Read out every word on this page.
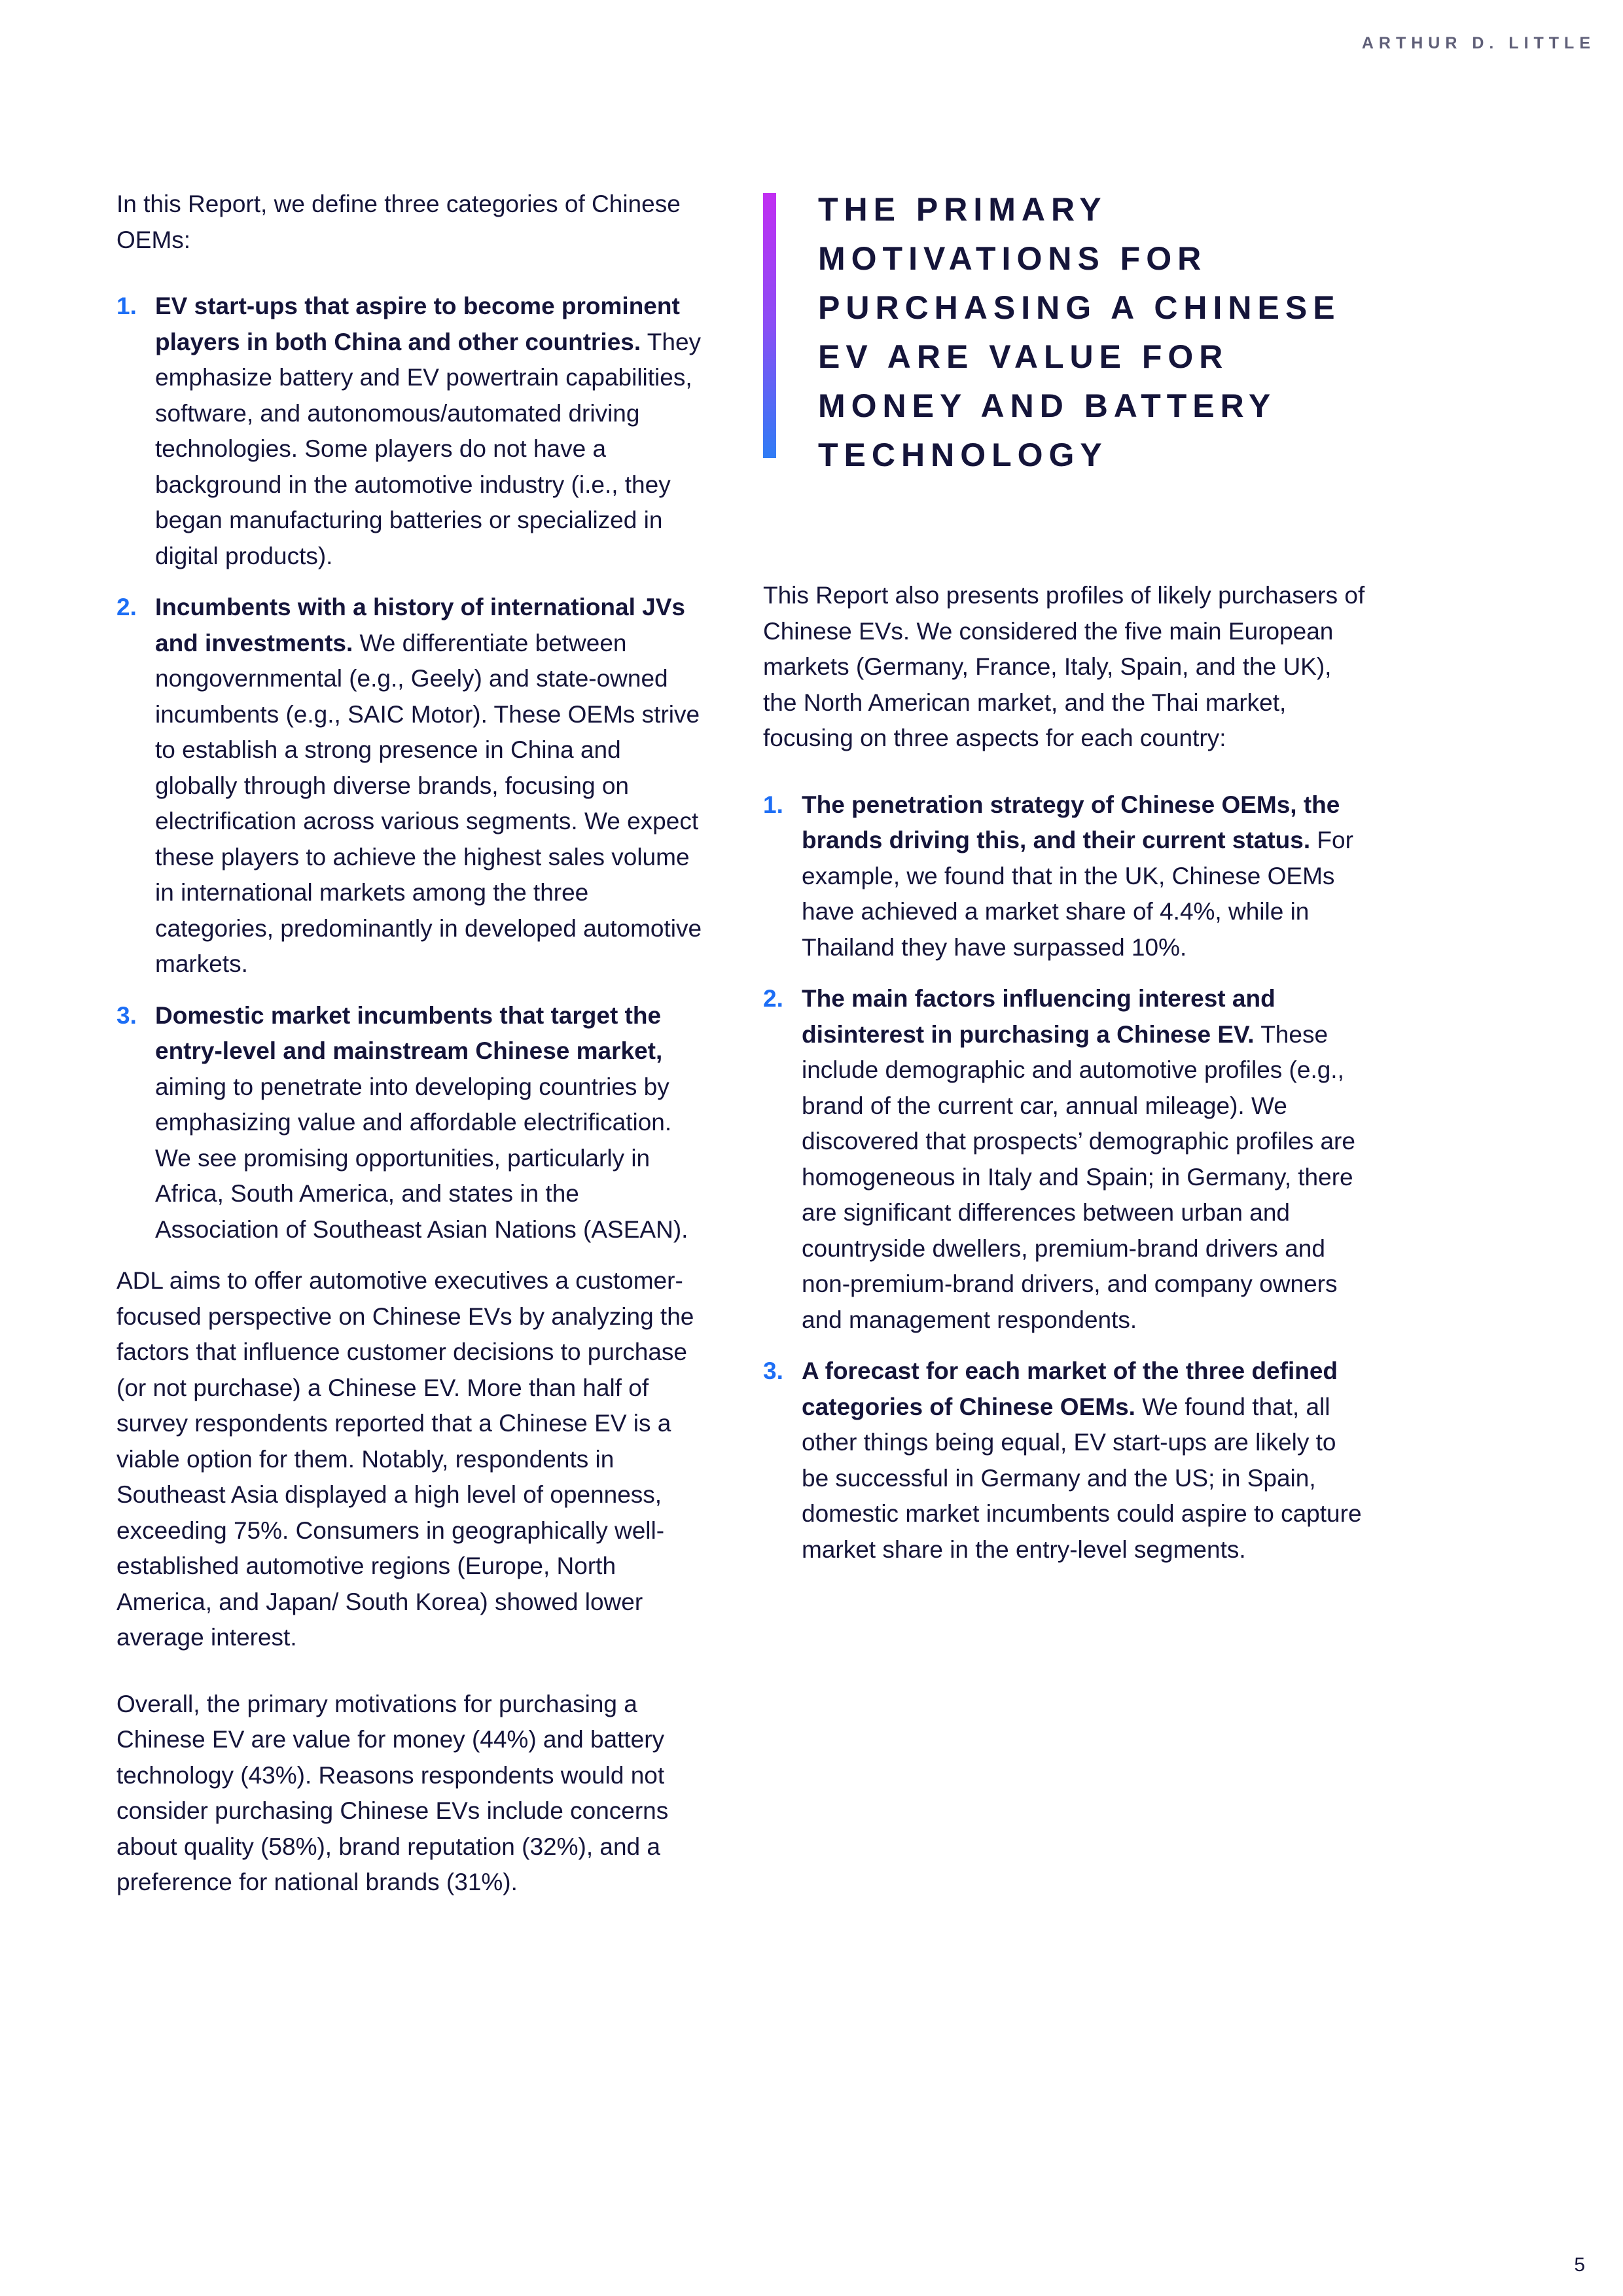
ARTHUR D. LITTLE

In this Report, we define three categories of Chinese OEMs:

1. EV start-ups that aspire to become prominent players in both China and other countries. They emphasize battery and EV powertrain capabilities, software, and autonomous/automated driving technologies. Some players do not have a background in the automotive industry (i.e., they began manufacturing batteries or specialized in digital products).
2. Incumbents with a history of international JVs and investments. We differentiate between nongovernmental (e.g., Geely) and state-owned incumbents (e.g., SAIC Motor). These OEMs strive to establish a strong presence in China and globally through diverse brands, focusing on electrification across various segments. We expect these players to achieve the highest sales volume in international markets among the three categories, predominantly in developed automotive markets.
3. Domestic market incumbents that target the entry-level and mainstream Chinese market, aiming to penetrate into developing countries by emphasizing value and affordable electrification. We see promising opportunities, particularly in Africa, South America, and states in the Association of Southeast Asian Nations (ASEAN).

ADL aims to offer automotive executives a customer-focused perspective on Chinese EVs by analyzing the factors that influence customer decisions to purchase (or not purchase) a Chinese EV. More than half of survey respondents reported that a Chinese EV is a viable option for them. Notably, respondents in Southeast Asia displayed a high level of openness, exceeding 75%. Consumers in geographically well-established automotive regions (Europe, North America, and Japan/ South Korea) showed lower average interest.

Overall, the primary motivations for purchasing a Chinese EV are value for money (44%) and battery technology (43%). Reasons respondents would not consider purchasing Chinese EVs include concerns about quality (58%), brand reputation (32%), and a preference for national brands (31%).

THE PRIMARY MOTIVATIONS FOR PURCHASING A CHINESE EV ARE VALUE FOR MONEY AND BATTERY TECHNOLOGY

This Report also presents profiles of likely purchasers of Chinese EVs. We considered the five main European markets (Germany, France, Italy, Spain, and the UK), the North American market, and the Thai market, focusing on three aspects for each country:

1. The penetration strategy of Chinese OEMs, the brands driving this, and their current status. For example, we found that in the UK, Chinese OEMs have achieved a market share of 4.4%, while in Thailand they have surpassed 10%.
2. The main factors influencing interest and disinterest in purchasing a Chinese EV. These include demographic and automotive profiles (e.g., brand of the current car, annual mileage). We discovered that prospects’ demographic profiles are homogeneous in Italy and Spain; in Germany, there are significant differences between urban and countryside dwellers, premium-brand drivers and non-premium-brand drivers, and company owners and management respondents.
3. A forecast for each market of the three defined categories of Chinese OEMs. We found that, all other things being equal, EV start-ups are likely to be successful in Germany and the US; in Spain, domestic market incumbents could aspire to capture market share in the entry-level segments.
5
